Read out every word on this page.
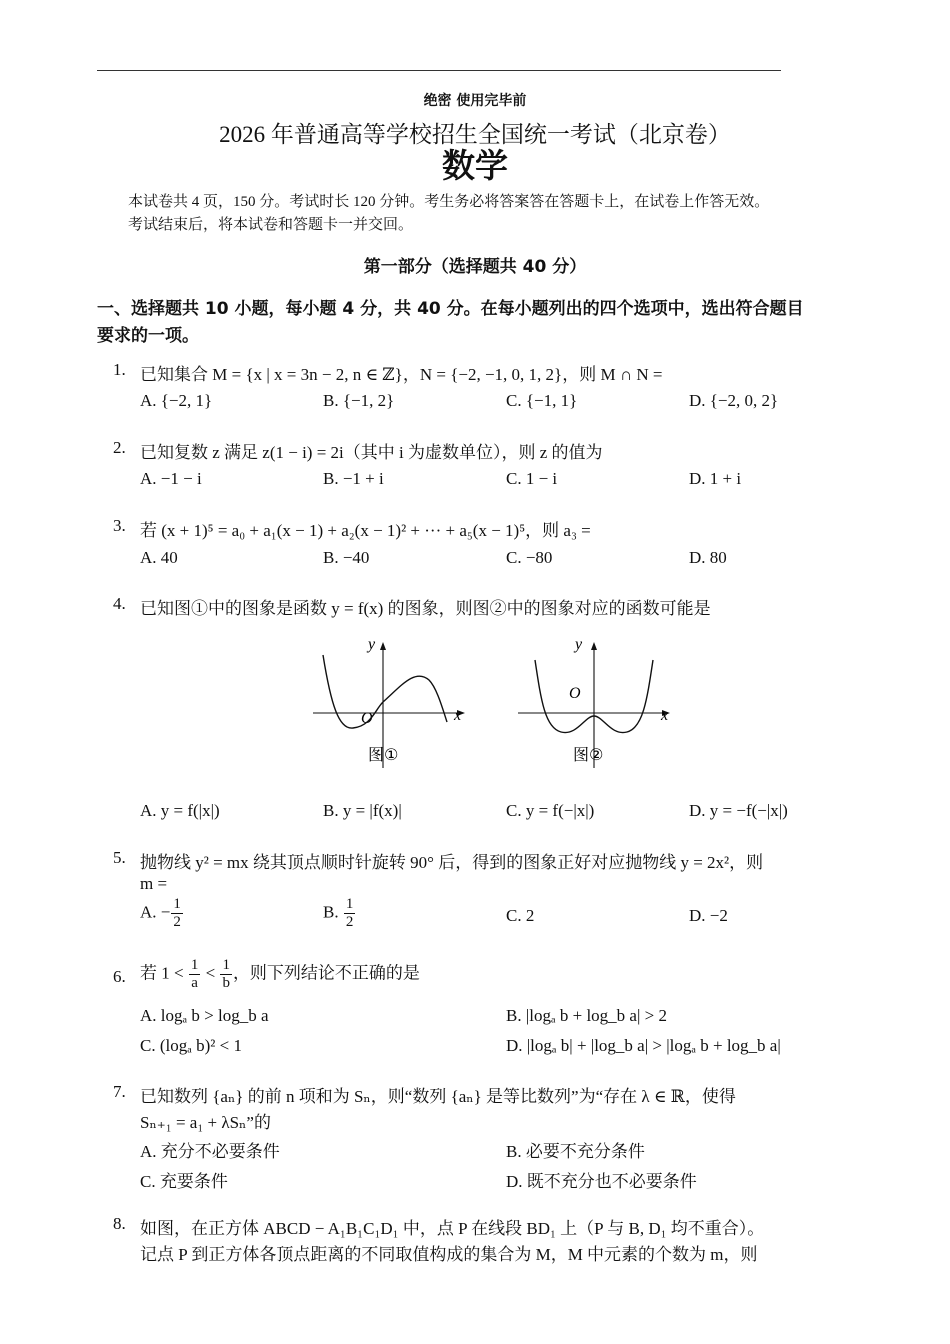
绝密 使用完毕前
2026 年普通高等学校招生全国统一考试（北京卷）
数学
本试卷共 4 页，150 分。考试时长 120 分钟。考生务必将答案答在答题卡上，在试卷上作答无效。
考试结束后，将本试卷和答题卡一并交回。
第一部分（选择题共 40 分）
一、选择题共 10 小题，每小题 4 分，共 40 分。在每小题列出的四个选项中，选出符合题目
要求的一项。
1. 已知集合 M = {x | x = 3n − 2, n ∈ ℤ}，N = {−2, −1, 0, 1, 2}，则 M ∩ N =
A. {−2, 1}	B. {−1, 2}	C. {−1, 1}	D. {−2, 0, 2}
2. 已知复数 z 满足 z(1 − i) = 2i（其中 i 为虚数单位），则 z 的值为
A. −1 − i	B. −1 + i	C. 1 − i	D. 1 + i
3. 若 (x + 1)⁵ = a₀ + a₁(x − 1) + a₂(x − 1)² + ··· + a₅(x − 1)⁵，则 a₃ =
A. 40	B. −40	C. −80	D. 80
4. 已知图①中的图象是函数 y = f(x) 的图象，则图②中的图象对应的函数可能是
y
x
O
图①
y
x
O
图②
A. y = f(|x|)	B. y = |f(x)|	C. y = f(−|x|)	D. y = −f(−|x|)
5. 抛物线 y² = mx 绕其顶点顺时针旋转 90° 后，得到的图象正好对应抛物线 y = 2x²，则
m =
A. − $\frac{1}{2}$	B. $\frac{1}{2}$	C. 2	D. −2
6. 若 $1 < \frac{1}{a} < \frac{1}{b}$ ，则下列结论不正确的是
A. logₐ b > log_b a	B. |logₐ b + log_b a| > 2
C. (logₐ b)² < 1	D. |logₐ b| + |log_b a| > |logₐ b + log_b a|
7. 已知数列 {aₙ} 的前 n 项和为 Sₙ，则“数列 {aₙ} 是等比数列”为“存在 λ ∈ ℝ，使得
Sₙ₊₁ = a₁ + λSₙ”的
A. 充分不必要条件	B. 必要不充分条件
C. 充要条件	D. 既不充分也不必要条件
8. 如图，在正方体 ABCD − A₁B₁C₁D₁ 中，点 P 在线段 BD₁ 上（P 与 B, D₁ 均不重合）。
记点 P 到正方体各顶点距离的不同取值构成的集合为 M，M 中元素的个数为 m，则
